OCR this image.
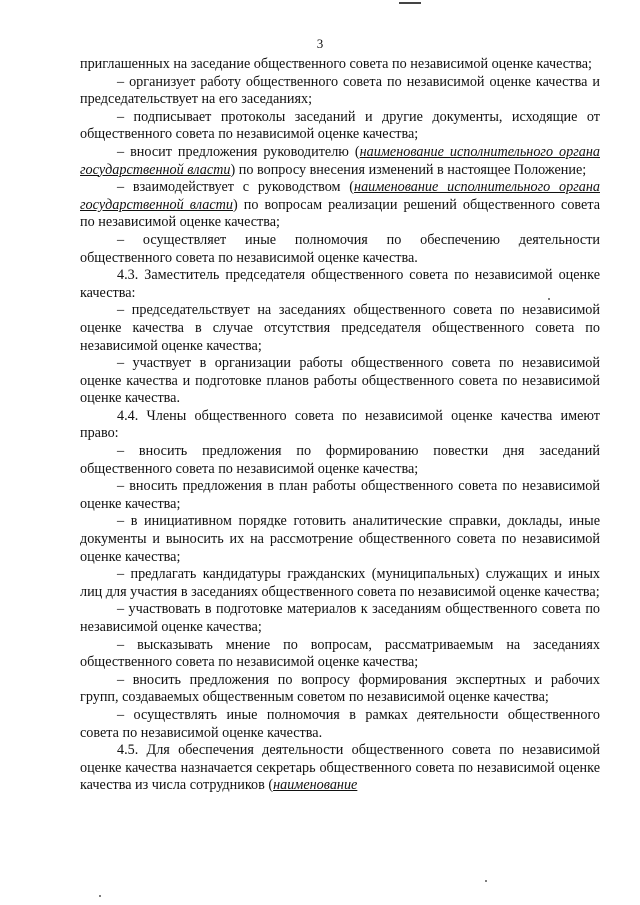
3

приглашенных на заседание общественного совета по независимой оценке качества;

– организует работу общественного совета по независимой оценке качества и председательствует на его заседаниях;

– подписывает протоколы заседаний и другие документы, исходящие от общественного совета по независимой оценке качества;

– вносит предложения руководителю (наименование исполнительного органа государственной власти) по вопросу внесения изменений в настоящее Положение;

– взаимодействует с руководством (наименование исполнительного органа государственной власти) по вопросам реализации решений общественного совета по независимой оценке качества;

– осуществляет иные полномочия по обеспечению деятельности общественного совета по независимой оценке качества.

4.3. Заместитель председателя общественного совета по независимой оценке качества:

– председательствует на заседаниях общественного совета по независимой оценке качества в случае отсутствия председателя общественного совета по независимой оценке качества;

– участвует в организации работы общественного совета по независимой оценке качества и подготовке планов работы общественного совета по независимой оценке качества.

4.4. Члены общественного совета по независимой оценке качества имеют право:

– вносить предложения по формированию повестки дня заседаний общественного совета по независимой оценке качества;

– вносить предложения в план работы общественного совета по независимой оценке качества;

– в инициативном порядке готовить аналитические справки, доклады, иные документы и выносить их на рассмотрение общественного совета по независимой оценке качества;

– предлагать кандидатуры гражданских (муниципальных) служащих и иных лиц для участия в заседаниях общественного совета по независимой оценке качества;

– участвовать в подготовке материалов к заседаниям общественного совета по независимой оценке качества;

– высказывать мнение по вопросам, рассматриваемым на заседаниях общественного совета по независимой оценке качества;

– вносить предложения по вопросу формирования экспертных и рабочих групп, создаваемых общественным советом по независимой оценке качества;

– осуществлять иные полномочия в рамках деятельности общественного совета по независимой оценке качества.

4.5. Для обеспечения деятельности общественного совета по независимой оценке качества назначается секретарь общественного совета по независимой оценке качества из числа сотрудников (наименование
